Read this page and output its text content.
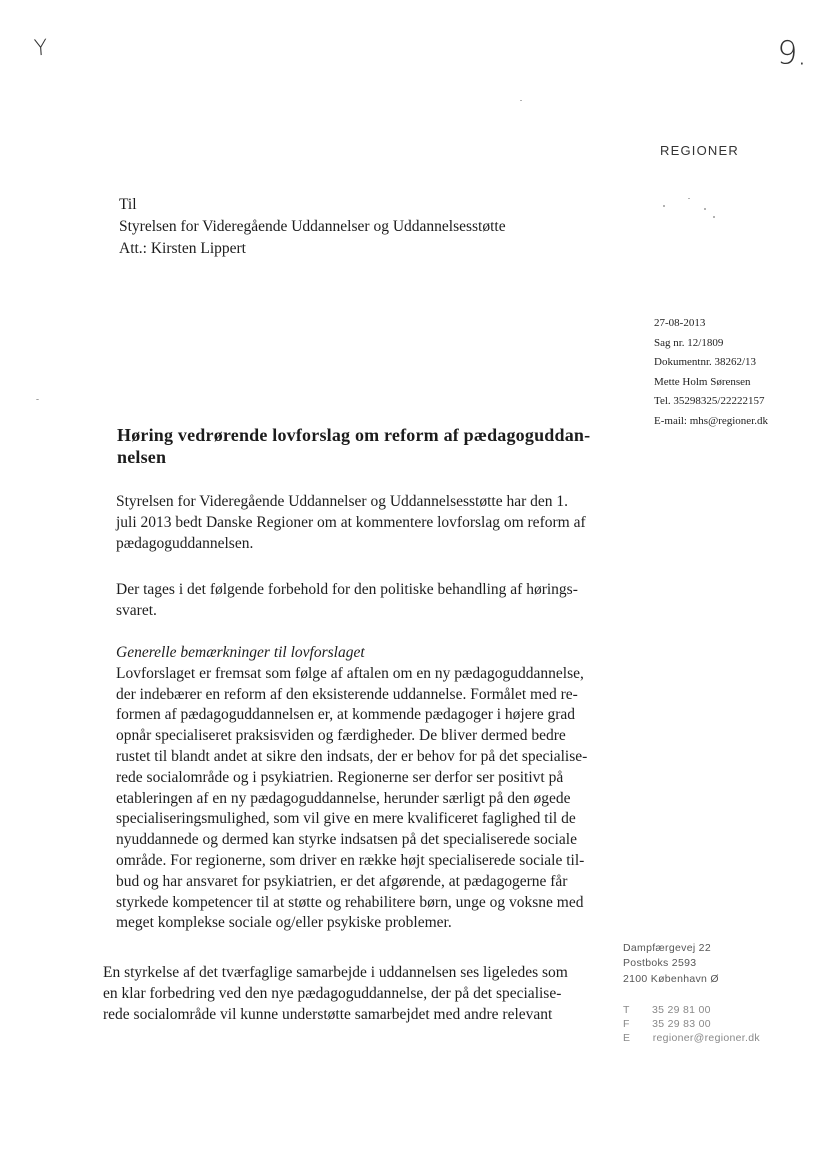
Y	9.
REGIONER
Til
Styrelsen for Videregående Uddannelser og Uddannelsesstøtte
Att.: Kirsten Lippert
27-08-2013
Sag nr. 12/1809
Dokumentnr. 38262/13
Mette Holm Sørensen
Tel. 35298325/22222157
E-mail: mhs@regioner.dk
Høring vedrørende lovforslag om reform af pædagoguddan-
nelsen
Styrelsen for Videregående Uddannelser og Uddannelsesstøtte har den 1.
juli 2013 bedt Danske Regioner om at kommentere lovforslag om reform af
pædagoguddannelsen.
Der tages i det følgende forbehold for den politiske behandling af hørings-
svaret.
Generelle bemærkninger til lovforslaget
Lovforslaget er fremsat som følge af aftalen om en ny pædagoguddannelse,
der indebærer en reform af den eksisterende uddannelse. Formålet med re-
formen af pædagoguddannelsen er, at kommende pædagoger i højere grad
opnår specialiseret praksisviden og færdigheder. De bliver dermed bedre
rustet til blandt andet at sikre den indsats, der er behov for på det specialise-
rede socialområde og i psykiatrien. Regionerne ser derfor ser positivt på
etableringen af en ny pædagoguddannelse, herunder særligt på den øgede
specialiseringsmulighed, som vil give en mere kvalificeret faglighed til de
nyuddannede og dermed kan styrke indsatsen på det specialiserede sociale
område. For regionerne, som driver en række højt specialiserede sociale til-
bud og har ansvaret for psykiatrien, er det afgørende, at pædagogerne får
styrkede kompetencer til at støtte og rehabilitere børn, unge og voksne med
meget komplekse sociale og/eller psykiske problemer.
En styrkelse af det tværfaglige samarbejde i uddannelsen ses ligeledes som
en klar forbedring ved den nye pædagoguddannelse, der på det specialise-
rede socialområde vil kunne understøtte samarbejdet med andre relevant
Dampfærgevej 22
Postboks 2593
2100 København Ø
T 35 29 81 00
F 35 29 83 00
E regioner@regioner.dk
